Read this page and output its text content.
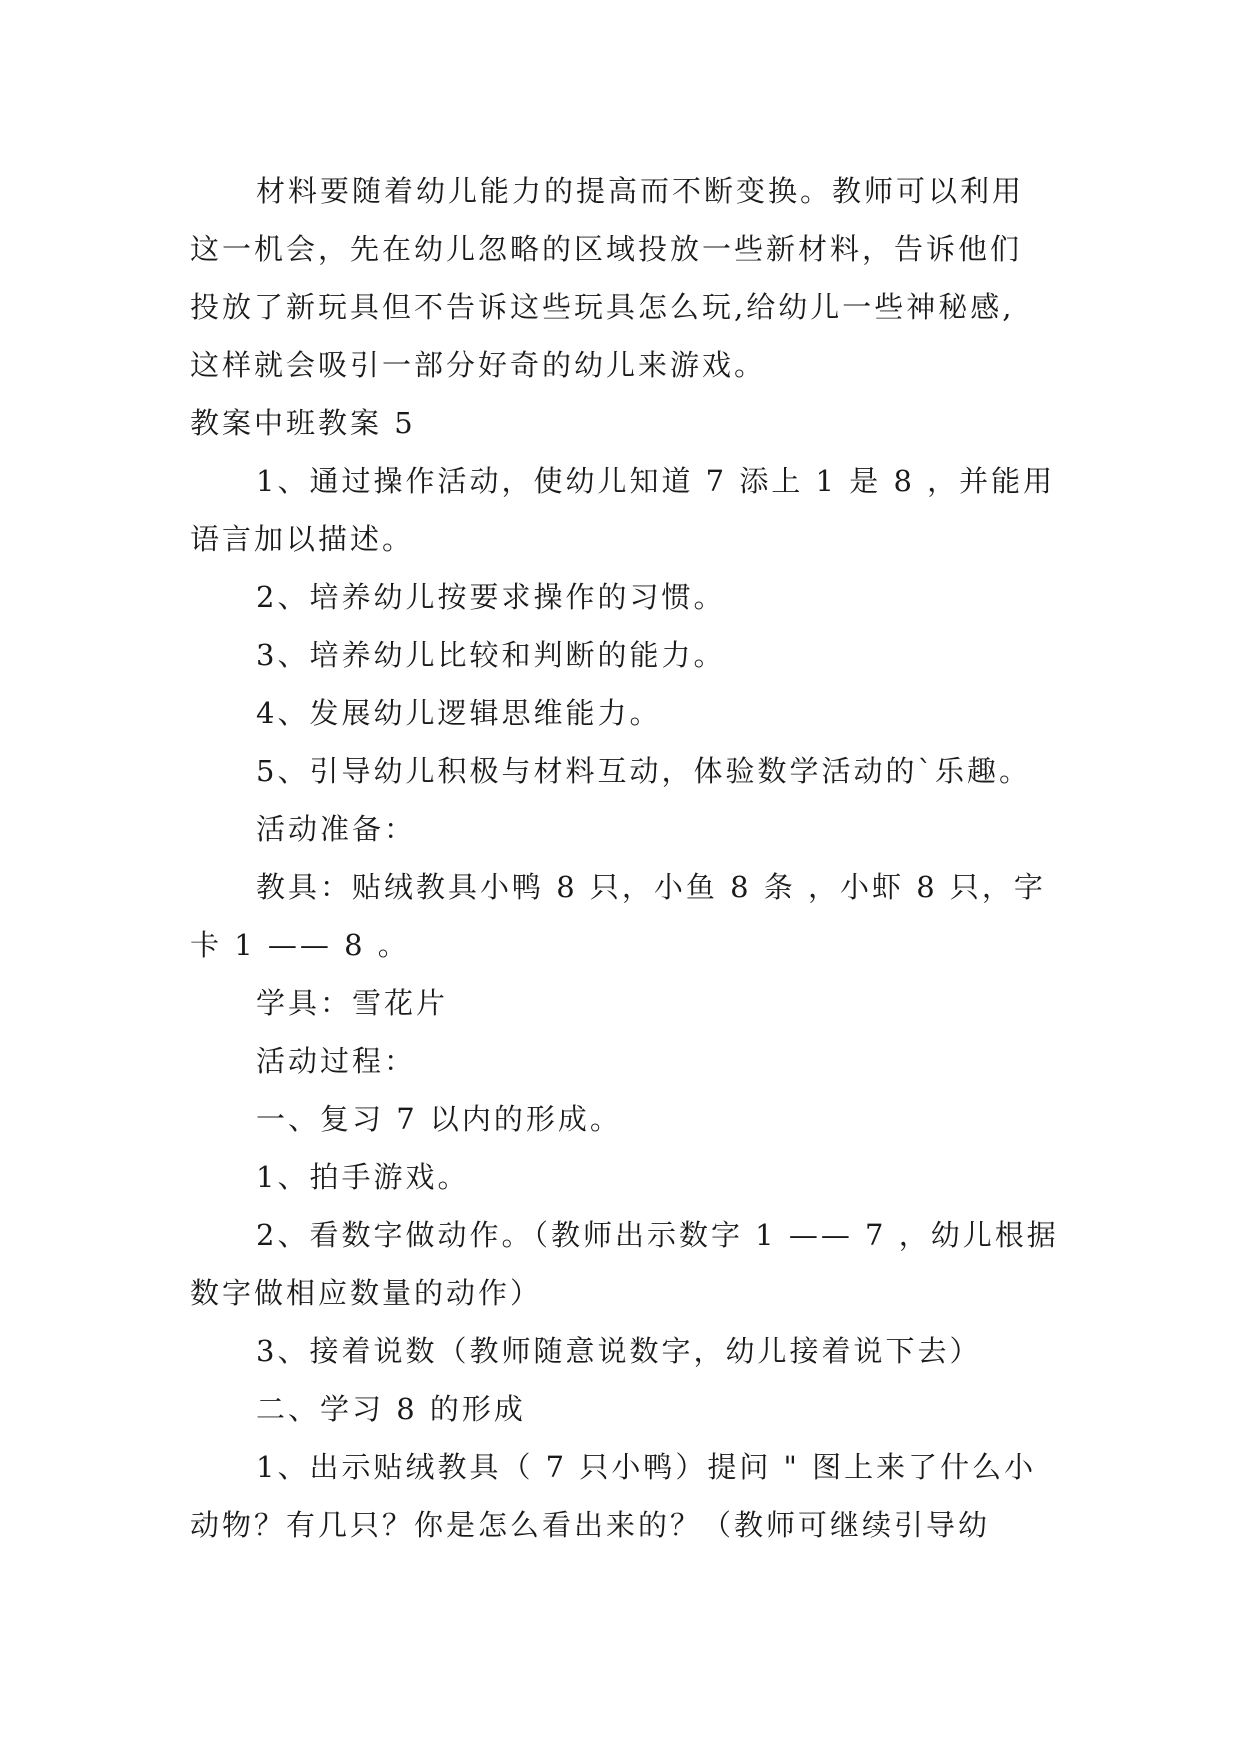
材料要随着幼儿能力的提高而不断变换。教师可以利用
这一机会，先在幼儿忽略的区域投放一些新材料，告诉他们
投放了新玩具但不告诉这些玩具怎么玩,给幼儿一些神秘感,
这样就会吸引一部分好奇的幼儿来游戏。
教案中班教案 5
1、通过操作活动，使幼儿知道 7 添上 1 是 8 ，并能用
语言加以描述。
2、培养幼儿按要求操作的习惯。
3、培养幼儿比较和判断的能力。
4、发展幼儿逻辑思维能力。
5、引导幼儿积极与材料互动，体验数学活动的`乐趣。
活动准备：
教具：贴绒教具小鸭 8 只，小鱼 8 条 ，小虾 8 只，字
卡 1 —— 8 。
学具：雪花片
活动过程：
一、复习 7 以内的形成。
1、拍手游戏。
2、看数字做动作。（教师出示数字 1 —— 7 ，幼儿根据
数字做相应数量的动作）
3、接着说数（教师随意说数字，幼儿接着说下去）
二、学习 8 的形成
1、出示贴绒教具（ 7 只小鸭）提问 " 图上来了什么小
动物？有几只？你是怎么看出来的？（教师可继续引导幼
